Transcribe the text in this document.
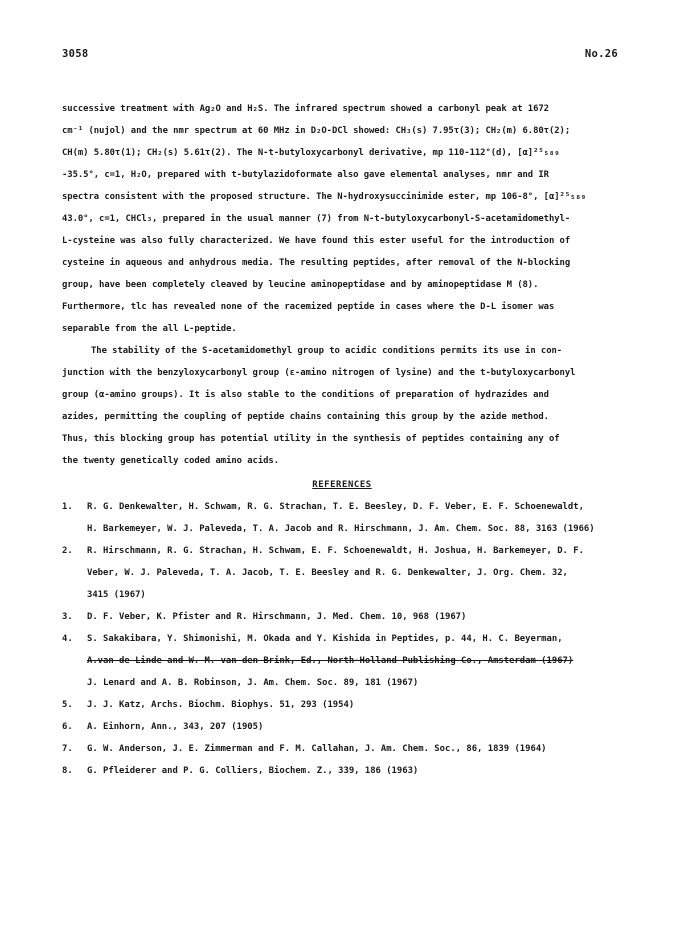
3058	No.26
successive treatment with Ag₂O and H₂S. The infrared spectrum showed a carbonyl peak at 1672
cm⁻¹ (nujol) and the nmr spectrum at 60 MHz in D₂O-DCl showed: CH₃(s) 7.95τ(3); CH₂(m) 6.80τ(2);
CH(m) 5.80τ(1); CH₂(s) 5.61τ(2). The N-t-butyloxycarbonyl derivative, mp 110-112°(d), [α]²⁵₅₈₉
-35.5°, c=1, H₂O, prepared with t-butylazidoformate also gave elemental analyses, nmr and IR
spectra consistent with the proposed structure. The N-hydroxysuccinimide ester, mp 106-8°, [α]²⁵₅₈₉
43.0°, c=1, CHCl₃, prepared in the usual manner (7) from N-t-butyloxycarbonyl-S-acetamidomethyl-
L-cysteine was also fully characterized. We have found this ester useful for the introduction of
cysteine in aqueous and anhydrous media. The resulting peptides, after removal of the N-blocking
group, have been completely cleaved by leucine aminopeptidase and by aminopeptidase M (8).
Furthermore, tlc has revealed none of the racemized peptide in cases where the D-L isomer was
separable from the all L-peptide.
The stability of the S-acetamidomethyl group to acidic conditions permits its use in con-
junction with the benzyloxycarbonyl group (ε-amino nitrogen of lysine) and the t-butyloxycarbonyl
group (α-amino groups). It is also stable to the conditions of preparation of hydrazides and
azides, permitting the coupling of peptide chains containing this group by the azide method.
Thus, this blocking group has potential utility in the synthesis of peptides containing any of
the twenty genetically coded amino acids.
REFERENCES
1.	R. G. Denkewalter, H. Schwam, R. G. Strachan, T. E. Beesley, D. F. Veber, E. F. Schoenewaldt,
H. Barkemeyer, W. J. Paleveda, T. A. Jacob and R. Hirschmann, J. Am. Chem. Soc. 88, 3163 (1966)
2.	R. Hirschmann, R. G. Strachan, H. Schwam, E. F. Schoenewaldt, H. Joshua, H. Barkemeyer, D. F.
Veber, W. J. Paleveda, T. A. Jacob, T. E. Beesley and R. G. Denkewalter, J. Org. Chem. 32,
3415 (1967)
3.	D. F. Veber, K. Pfister and R. Hirschmann, J. Med. Chem. 10, 968 (1967)
4.	S. Sakakibara, Y. Shimonishi, M. Okada and Y. Kishida in Peptides, p. 44, H. C. Beyerman,
A.van de Linde and W. M. van den Brink, Ed., North-Holland Publishing Co., Amsterdam (1967)
J. Lenard and A. B. Robinson, J. Am. Chem. Soc. 89, 181 (1967)
5.	J. J. Katz, Archs. Biochm. Biophys. 51, 293 (1954)
6.	A. Einhorn, Ann., 343, 207 (1905)
7.	G. W. Anderson, J. E. Zimmerman and F. M. Callahan, J. Am. Chem. Soc., 86, 1839 (1964)
8.	G. Pfleiderer and P. G. Colliers, Biochem. Z., 339, 186 (1963)
